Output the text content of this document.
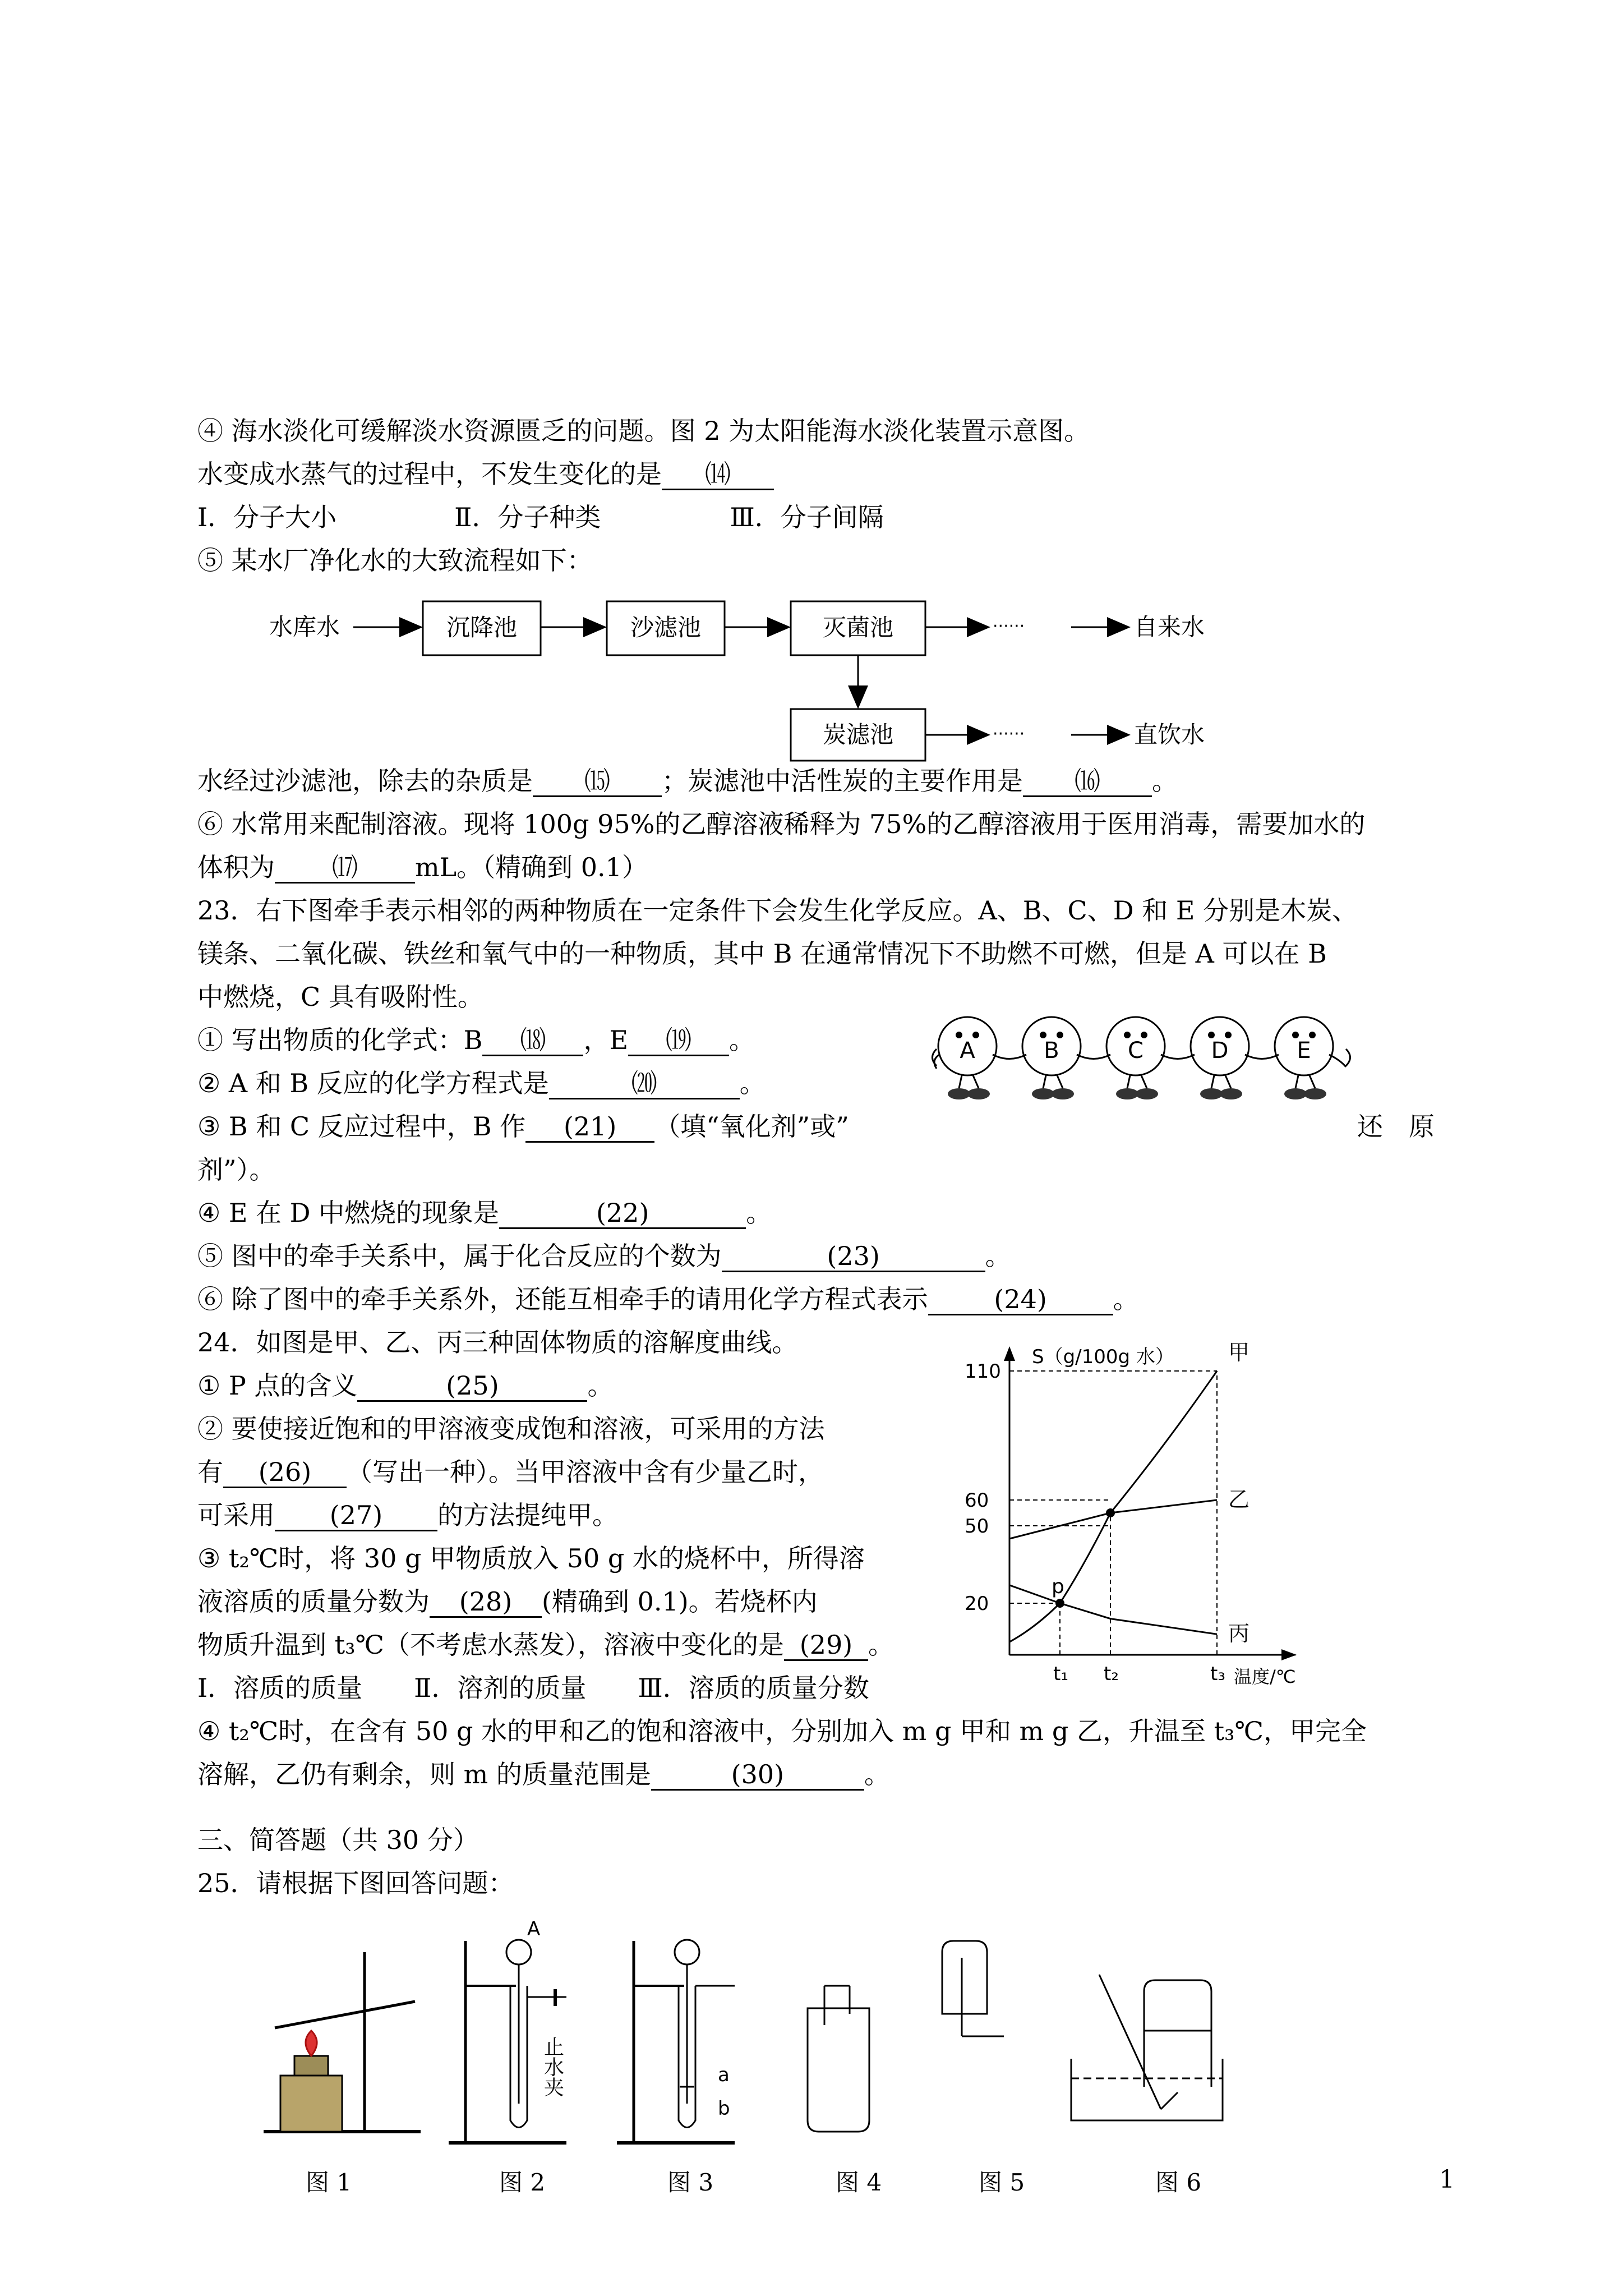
④ 海水淡化可缓解淡水资源匮乏的问题。图 2 为太阳能海水淡化装置示意图。
水变成水蒸气的过程中，不发生变化的是 ⒁
Ⅰ．分子大小	Ⅱ．分子种类	Ⅲ．分子间隔
⑤ 某水厂净化水的大致流程如下：
水库水	沉降池	沙滤池	灭菌池	······	自来水
炭滤池	······	直饮水
水经过沙滤池，除去的杂质是 ⒂ ；炭滤池中活性炭的主要作用是 ⒃ 。
⑥ 水常用来配制溶液。现将 100g 95%的乙醇溶液稀释为 75%的乙醇溶液用于医用消毒，需要加水的
体积为 ⒄ mL。（精确到 0.1）
23．右下图牵手表示相邻的两种物质在一定条件下会发生化学反应。A、B、C、D 和 E 分别是木炭、
镁条、二氧化碳、铁丝和氧气中的一种物质，其中 B 在通常情况下不助燃不可燃，但是 A 可以在 B
中燃烧，C 具有吸附性。
① 写出物质的化学式：B ⒅ ，E ⒆ 。
② A 和 B 反应的化学方程式是	⒇	。
③ B 和 C 反应过程中，B 作 (21) （填“氧化剂”或”	还　原
剂”）。
④ E 在 D 中燃烧的现象是	(22)	。
⑤ 图中的牵手关系中，属于化合反应的个数为	(23)	。
⑥ 除了图中的牵手关系外，还能互相牵手的请用化学方程式表示	(24)	。
A	B	C	D	E
24．如图是甲、乙、丙三种固体物质的溶解度曲线。
① P 点的含义	(25)	。
② 要使接近饱和的甲溶液变成饱和溶液，可采用的方法
有 (26) （写出一种）。当甲溶液中含有少量乙时，
可采用 (27) 的方法提纯甲。
③ t₂℃时，将 30 g 甲物质放入 50 g 水的烧杯中，所得溶
液溶质的质量分数为 (28) (精确到 0.1)。若烧杯内
物质升温到 t₃℃（不考虑水蒸发），溶液中变化的是 (29) 。
Ⅰ．溶质的质量　　Ⅱ．溶剂的质量　　Ⅲ．溶质的质量分数
④ t₂℃时，在含有 50 g 水的甲和乙的饱和溶液中，分别加入 m g 甲和 m g 乙，升温至 t₃℃，甲完全
溶解，乙仍有剩余，则 m 的质量范围是	(30)	。
S（g/100g 水）
温度/℃
甲
乙
丙
110
60
50
20
t₁ t₂	t₃
p
三、简答题（共 30 分）
25．请根据下图回答问题：
A
止水夹	a
b
图 1	图 2	图 3	图 4	图 5	图 6	1
